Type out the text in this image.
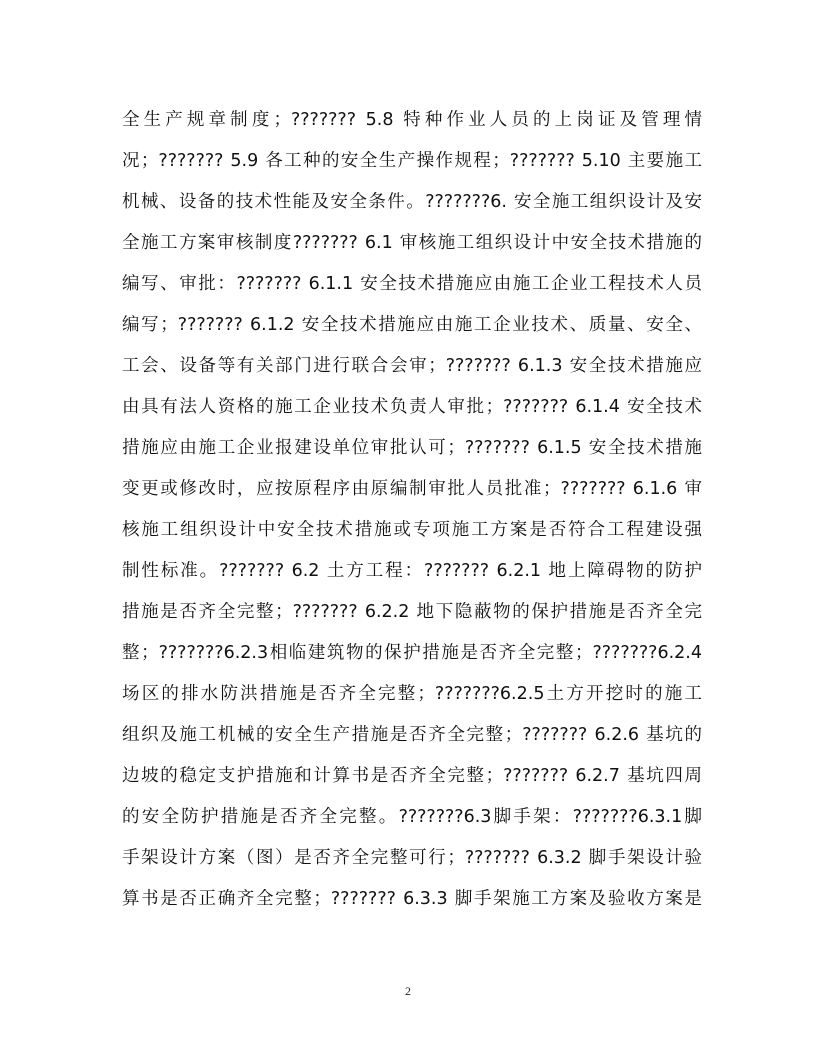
全生产规章制度；??????? 5.8 特种作业人员的上岗证及管理情
况；??????? 5.9 各工种的安全生产操作规程；??????? 5.10 主要施工
机械、设备的技术性能及安全条件。???????6. 安全施工组织设计及安
全施工方案审核制度??????? 6.1 审核施工组织设计中安全技术措施的
编写、审批：??????? 6.1.1 安全技术措施应由施工企业工程技术人员
编写；??????? 6.1.2 安全技术措施应由施工企业技术、质量、安全、
工会、设备等有关部门进行联合会审；??????? 6.1.3 安全技术措施应
由具有法人资格的施工企业技术负责人审批；??????? 6.1.4 安全技术
措施应由施工企业报建设单位审批认可；??????? 6.1.5 安全技术措施
变更或修改时，应按原程序由原编制审批人员批准；??????? 6.1.6 审
核施工组织设计中安全技术措施或专项施工方案是否符合工程建设强
制性标准。??????? 6.2 土方工程：??????? 6.2.1 地上障碍物的防护
措施是否齐全完整；??????? 6.2.2 地下隐蔽物的保护措施是否齐全完
整；???????6.2.3相临建筑物的保护措施是否齐全完整；???????6.2.4
场区的排水防洪措施是否齐全完整；???????6.2.5土方开挖时的施工
组织及施工机械的安全生产措施是否齐全完整；??????? 6.2.6 基坑的
边坡的稳定支护措施和计算书是否齐全完整；??????? 6.2.7 基坑四周
的安全防护措施是否齐全完整。???????6.3脚手架：???????6.3.1脚
手架设计方案（图）是否齐全完整可行；??????? 6.3.2 脚手架设计验
算书是否正确齐全完整；??????? 6.3.3 脚手架施工方案及验收方案是
2
